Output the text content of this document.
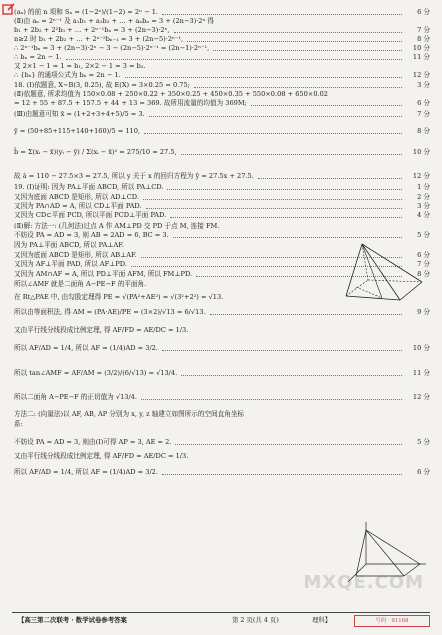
(aₙ) 的前 n 项和 Sₙ = (1−2ⁿ)/(1−2) = 2ⁿ − 1.	6 分
(Ⅱ)由 aₙ = 2ⁿ⁻¹ 及 a₁b₁ + a₂b₂ + … + aₙbₙ = 3 + (2n−3)·2ⁿ 得
b₁ + 2b₂ + 2²b₃ + … + 2ⁿ⁻¹bₙ = 3 + (2n−3)·2ⁿ,	7 分
n≥2 时 b₁ + 2b₂ + … + 2ⁿ⁻²bₙ₋₁ = 3 + (2n−5)·2ⁿ⁻¹,	8 分
∴ 2ⁿ⁻¹bₙ = 3 + (2n−3)·2ⁿ − 3 − (2n−5)·2ⁿ⁻¹ = (2n−1)·2ⁿ⁻¹,	10 分
∴ bₙ = 2n − 1.	11 分
又 2×1 − 1 = 1 = b₁, 2×2 − 1 = 3 = b₂.
∴ {bₙ} 的通项公式为 bₙ = 2n − 1.	12 分
18. (Ⅰ)依题意, X∼B(3, 0.25), 故 E(X) = 3×0.25 = 0.75;	3 分
(Ⅱ)依题意, 所求均值为 150×0.08 + 250×0.22 + 350×0.25 + 450×0.35 + 550×0.08 + 650×0.02
= 12 + 55 + 87.5 + 157.5 + 44 + 13 = 369. 故所用流量的均值为 369M;	6 分
(Ⅲ)由题意可知 x̄ = (1+2+3+4+5)/5 = 3.	7 分
ȳ = (50+85+115+140+160)/5 = 110,	8 分
b̂ = Σ(xᵢ − x̄)(yᵢ − ȳ) / Σ(xᵢ − x̄)² = 275/10 = 27.5,	10 分
故 â = 110 − 27.5×3 = 27.5, 所以 y 关于 x 的回归方程为 ŷ = 27.5x + 27.5.	12 分
19. (Ⅰ)证明: 因为 PA⊥平面 ABCD, 所以 PA⊥CD.	1 分
又因为底面 ABCD 是矩形, 所以 AD⊥CD.	2 分
又因为 PA∩AD = A, 所以 CD⊥平面 PAD.	3 分
又因为 CD⊂平面 PCD, 所以平面 PCD⊥平面 PAD.	4 分
(Ⅱ)解: 方法一: (几何法)过点 A 作 AM⊥PD 交 PD 于点 M, 连接 FM.
不妨设 PA = AD = 3, 则 AB = 2AD = 6, BC = 3.	5 分
因为 PA⊥平面 ABCD, 所以 PA⊥AF.
又因为底面 ABCD 是矩形, 所以 AB⊥AF.	6 分
又因为 AF⊥平面 PAD, 所以 AF⊥PD.	7 分
又因为 AM∩AF = A, 所以 PD⊥平面 AFM, 所以 FM⊥PD.	8 分
所以∠AMF 就是二面角 A−PE−F 的平面角.
在 Rt△PAE 中, 由勾股定理得 PE = √(PA²+AE²) = √(3²+2²) = √13.
所以由等面积法, 得 AM = (PA·AE)/PE = (3×2)/√13 = 6/√13.	9 分
又由平行线分线段成比例定理, 得 AF/FD = AE/DC = 1/3.
所以 AF/AD = 1/4, 所以 AF = (1/4)AD = 3/2.	10 分
所以 tan∠AMF = AF/AM = (3/2)/(6/√13) = √13/4.	11 分
所以二面角 A−PE−F 的正切值为 √13/4.	12 分
方法二: (向量法)以 AF, AB, AP 分别为 x, y, z 轴建立如图所示的空间直角坐标
系:
不妨设 PA = AD = 3, 则由(Ⅰ)可得 AP = 3, AE = 2.	5 分
又由平行线分线段成比例定理, 得 AF/FD = AE/DC = 1/3.
所以 AF/AD = 1/4, 所以 AF = (1/4)AD = 3/2.	6 分
MXQE.COM
【高三第二次联考 · 数学试卷参考答案	第 2 页(共 4 页)	理科】	号码 · 91168
